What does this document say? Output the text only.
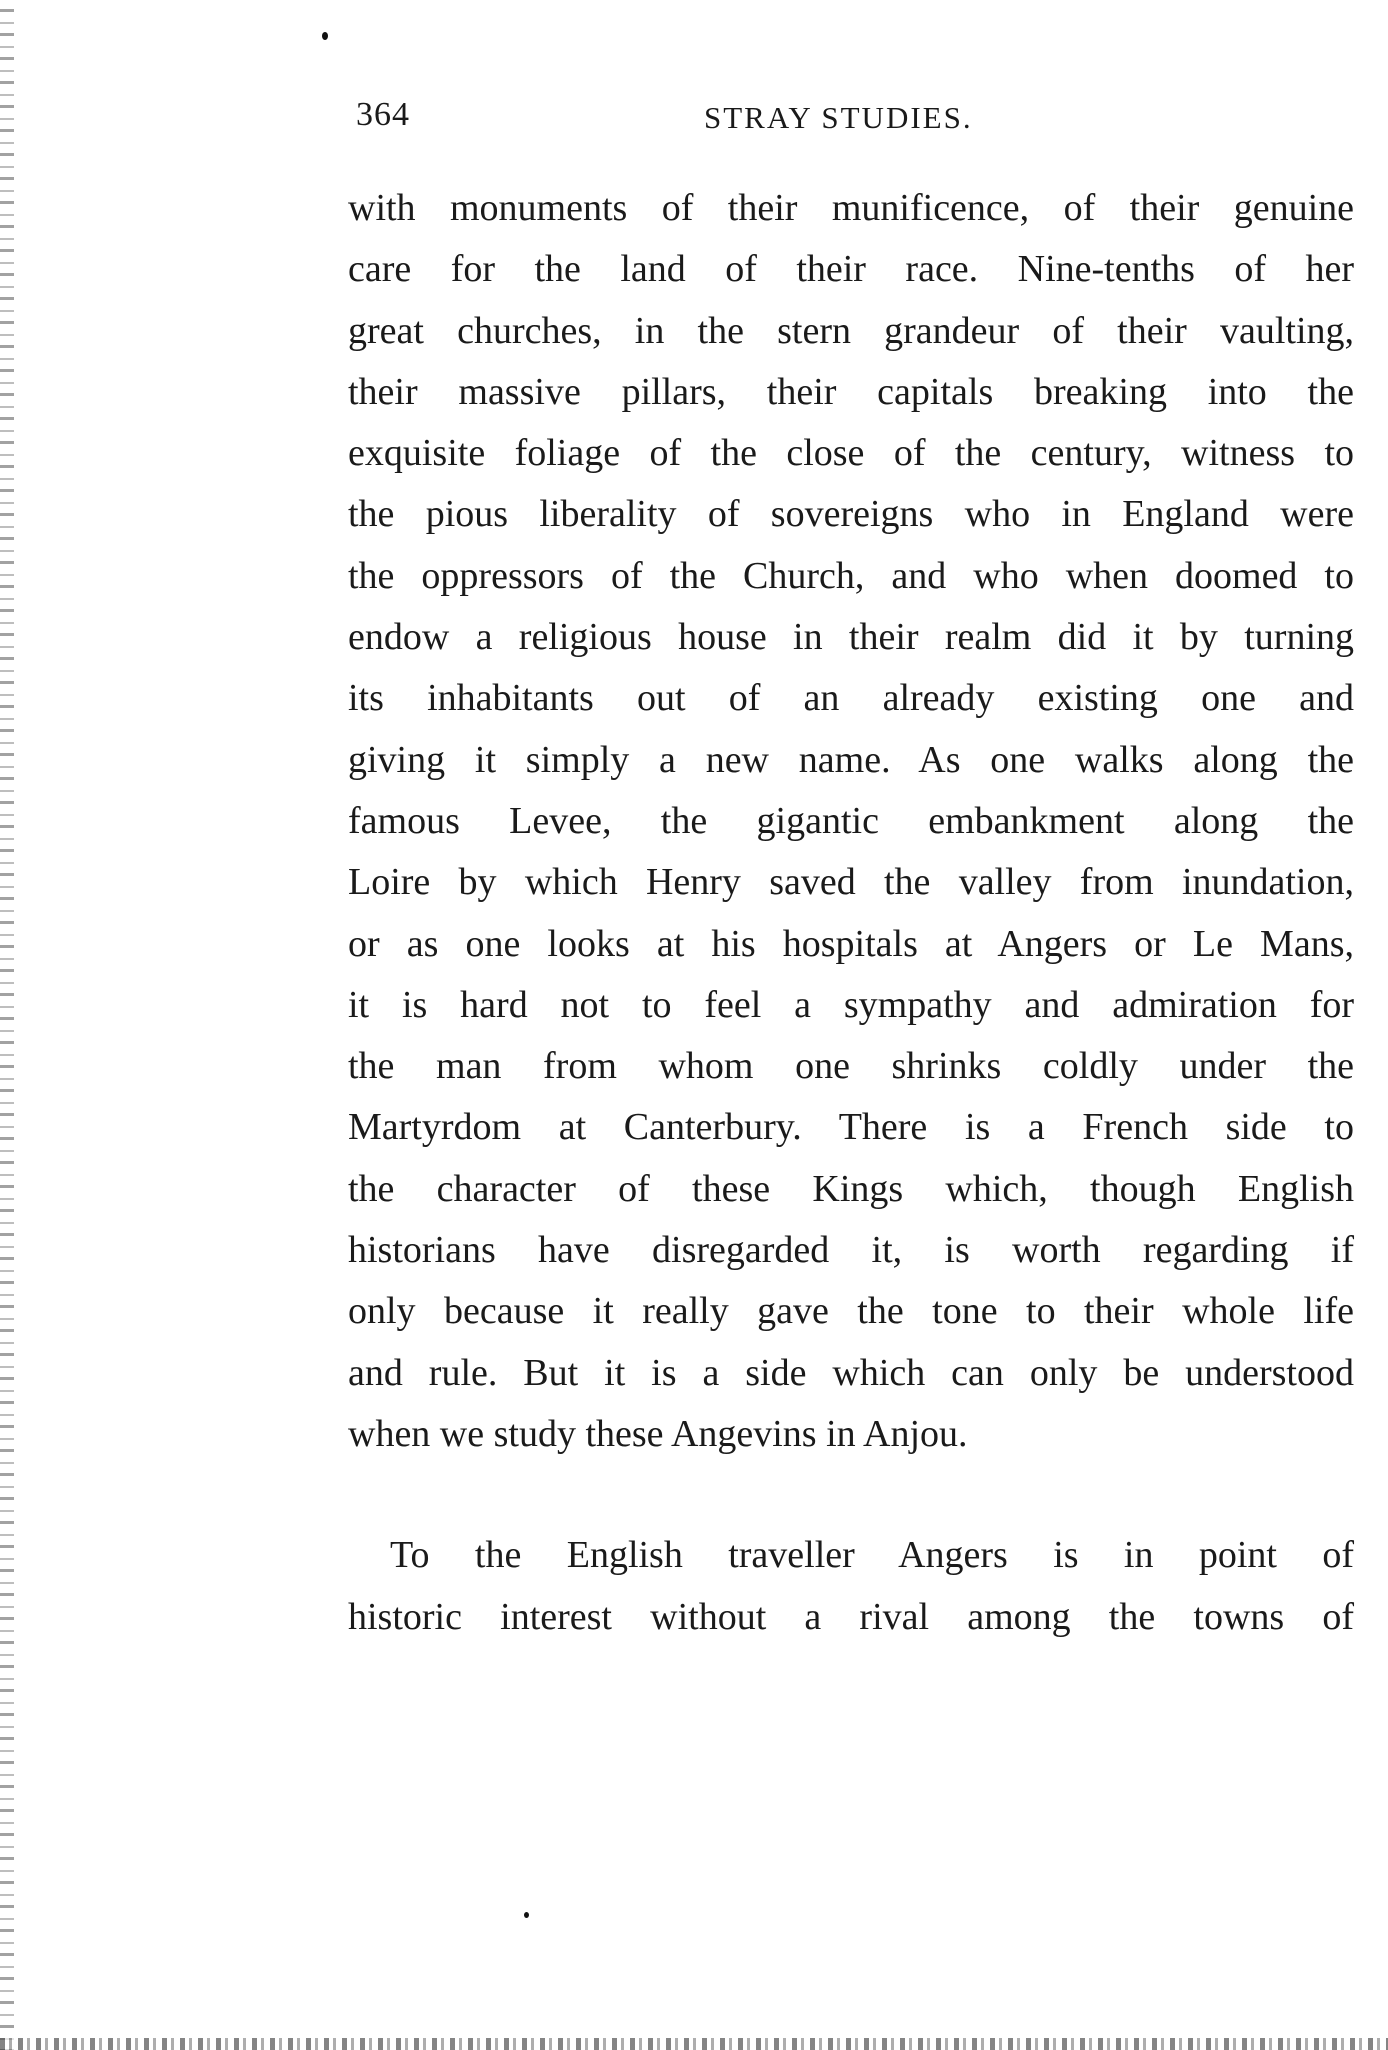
364	STRAY STUDIES.
with monuments of their munificence, of their genuine
care for the land of their race. Nine-tenths of her
great churches, in the stern grandeur of their vaulting,
their massive pillars, their capitals breaking into the
exquisite foliage of the close of the century, witness to
the pious liberality of sovereigns who in England were
the oppressors of the Church, and who when doomed to
endow a religious house in their realm did it by turning
its inhabitants out of an already existing one and
giving it simply a new name. As one walks along the
famous Levee, the gigantic embankment along the
Loire by which Henry saved the valley from inundation,
or as one looks at his hospitals at Angers or Le Mans,
it is hard not to feel a sympathy and admiration for
the man from whom one shrinks coldly under the
Martyrdom at Canterbury. There is a French side to
the character of these Kings which, though English
historians have disregarded it, is worth regarding if
only because it really gave the tone to their whole life
and rule. But it is a side which can only be understood
when we study these Angevins in Anjou.
To the English traveller Angers is in point of
historic interest without a rival among the towns of
